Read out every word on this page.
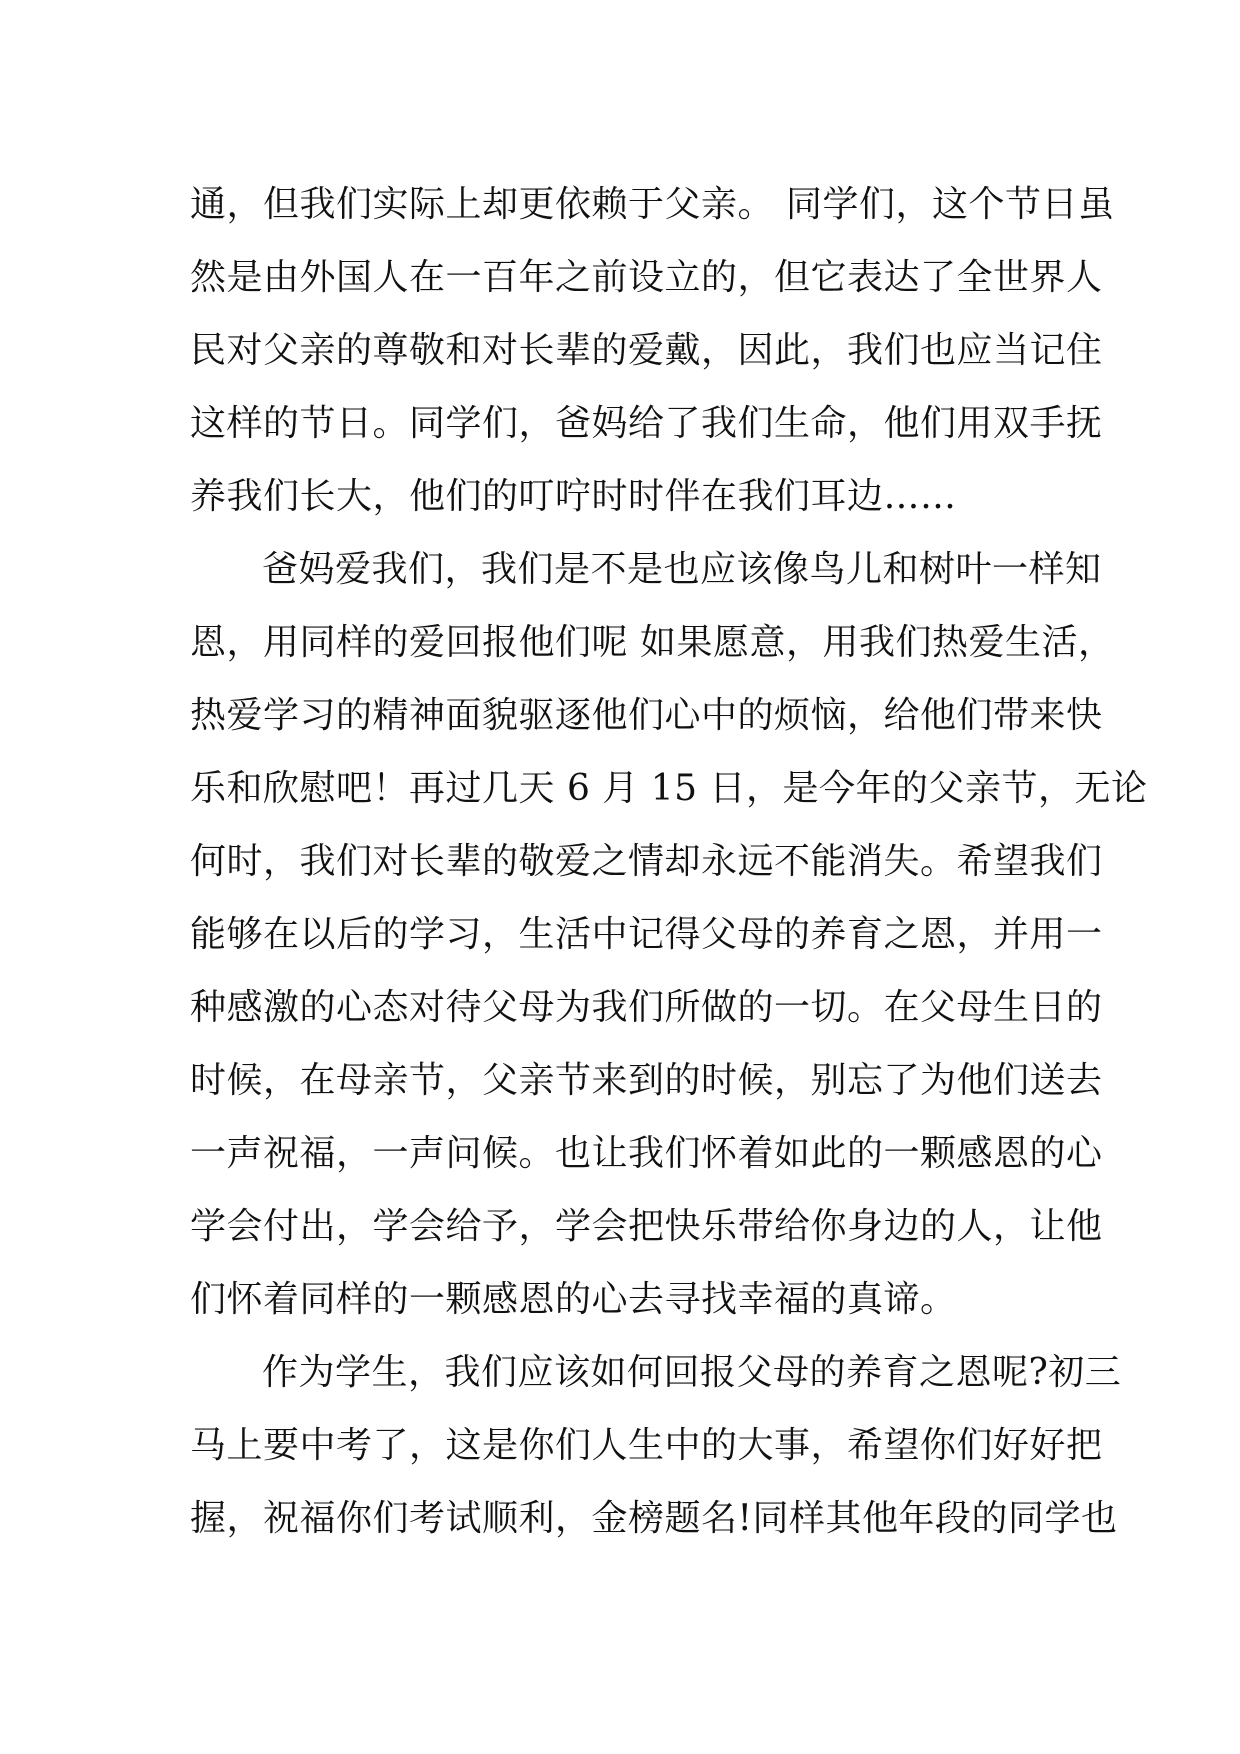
通，但我们实际上却更依赖于父亲。 同学们，这个节日虽
然是由外国人在一百年之前设立的，但它表达了全世界人
民对父亲的尊敬和对长辈的爱戴，因此，我们也应当记住
这样的节日。同学们，爸妈给了我们生命，他们用双手抚
养我们长大，他们的叮咛时时伴在我们耳边……
爸妈爱我们，我们是不是也应该像鸟儿和树叶一样知
恩，用同样的爱回报他们呢 如果愿意，用我们热爱生活，
热爱学习的精神面貌驱逐他们心中的烦恼，给他们带来快
乐和欣慰吧！再过几天 6 月 15 日，是今年的父亲节，无论
何时，我们对长辈的敬爱之情却永远不能消失。希望我们
能够在以后的学习，生活中记得父母的养育之恩，并用一
种感激的心态对待父母为我们所做的一切。在父母生日的
时候，在母亲节，父亲节来到的时候，别忘了为他们送去
一声祝福，一声问候。也让我们怀着如此的一颗感恩的心
学会付出，学会给予，学会把快乐带给你身边的人，让他
们怀着同样的一颗感恩的心去寻找幸福的真谛。
作为学生，我们应该如何回报父母的养育之恩呢?初三
马上要中考了，这是你们人生中的大事，希望你们好好把
握，祝福你们考试顺利，金榜题名!同样其他年段的同学也
